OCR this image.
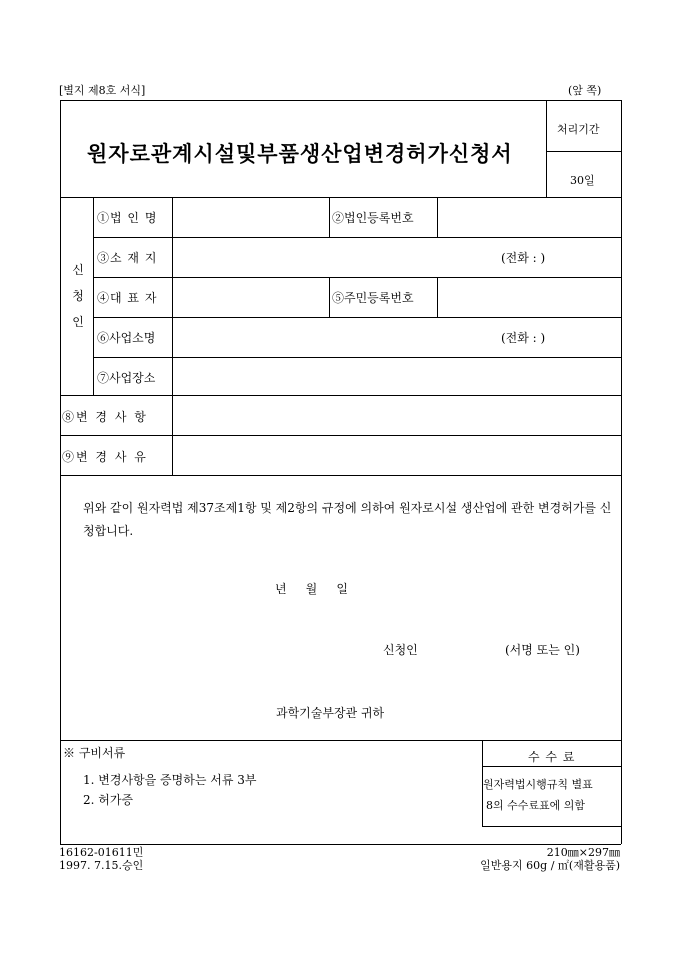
[별지 제8호 서식]	(앞 쪽)
원자로관계시설및부품생산업변경허가신청서
처리기간
30일
신
청
인
①법 인 명	②법인등록번호
③소 재 지	(전화 : )
④대 표 자	⑤주민등록번호
⑥사업소명	(전화 : )
⑦사업장소
⑧변 경 사 항
⑨변 경 사 유
위와 같이 원자력법 제37조제1항 및 제2항의 규정에 의하여 원자로시설 생산업에 관한 변경허가를 신청합니다.
년     월     일
신청인	(서명 또는 인)
과학기술부장관 귀하
※ 구비서류
1. 변경사항을 증명하는 서류 3부
2. 허가증
수 수 료
원자력법시행규칙 별표
8의 수수료표에 의함
16162-01611민
1997. 7.15.승인
210㎜×297㎜
일반용지 60g / ㎡(재활용품)
